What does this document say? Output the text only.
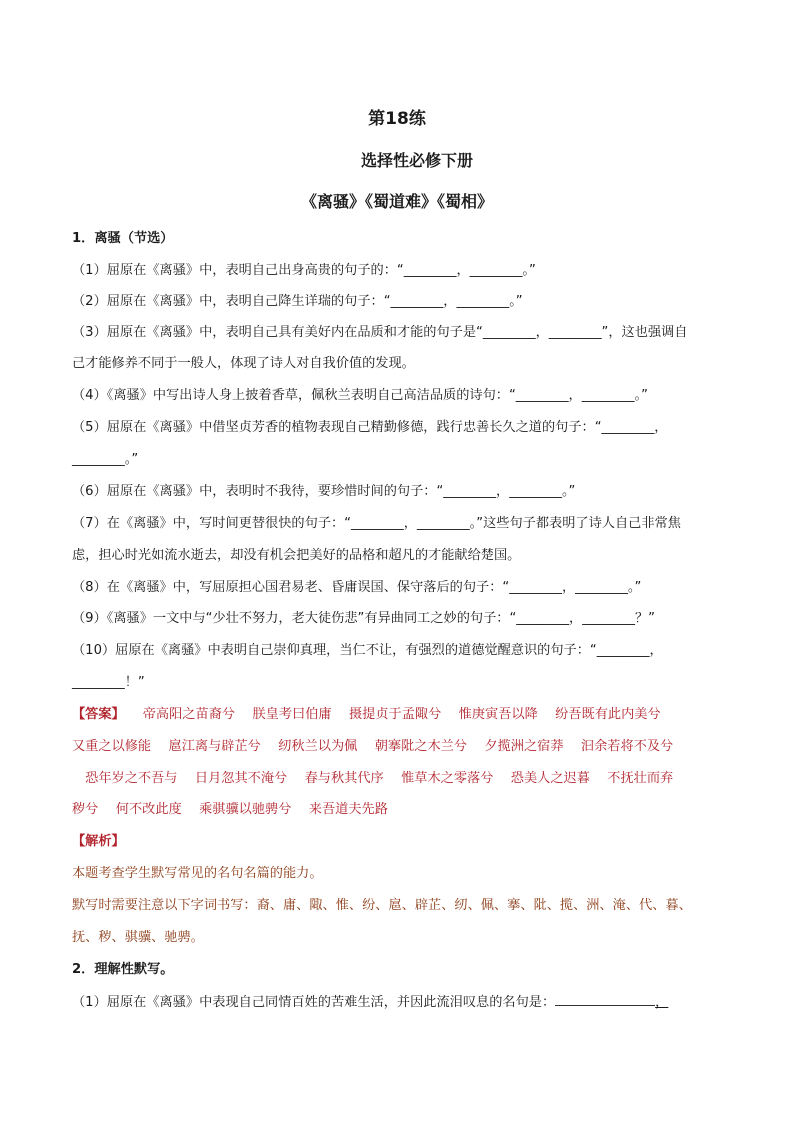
第18练
选择性必修下册
《离骚》《蜀道难》《蜀相》
1．离骚（节选）
（1）屈原在《离骚》中，表明自己出身高贵的句子的：“________，________。”
（2）屈原在《离骚》中，表明自己降生详瑞的句子：“________，________。”
（3）屈原在《离骚》中，表明自己具有美好内在品质和才能的句子是“________，________”，这也强调自
己才能修养不同于一般人，体现了诗人对自我价值的发现。
（4）《离骚》中写出诗人身上披着香草，佩秋兰表明自己高洁品质的诗句：“________，________。”
（5）屈原在《离骚》中借坚贞芳香的植物表现自己精勤修德，践行忠善长久之道的句子：“________，
________。”
（6）屈原在《离骚》中，表明时不我待，要珍惜时间的句子：“________，________。”
（7）在《离骚》中，写时间更替很快的句子：“________，________。”这些句子都表明了诗人自己非常焦
虑，担心时光如流水逝去，却没有机会把美好的品格和超凡的才能献给楚国。
（8）在《离骚》中，写屈原担心国君易老、昏庸误国、保守落后的句子：“________，________。”
（9）《离骚》一文中与“少壮不努力，老大徒伤悲”有异曲同工之妙的句子：“________，________？”
（10）屈原在《离骚》中表明自己崇仰真理，当仁不让，有强烈的道德觉醒意识的句子：“________，
________！”
【答案】 帝高阳之苗裔兮　 朕皇考曰伯庸　 摄提贞于孟陬兮　 惟庚寅吾以降　 纷吾既有此内美兮
又重之以修能　 扈江离与辟芷兮　 纫秋兰以为佩　 朝搴阰之木兰兮　 夕揽洲之宿莽　 汩余若将不及兮
　恐年岁之不吾与　 日月忽其不淹兮　 春与秋其代序　 惟草木之零落兮　 恐美人之迟暮　 不抚壮而弃
秽兮　 何不改此度　 乘骐骥以驰骋兮　 来吾道夫先路
【解析】
本题考查学生默写常见的名句名篇的能力。
默写时需要注意以下字词书写：裔、庸、陬、惟、纷、扈、辟芷、纫、佩、搴、阰、揽、洲、淹、代、暮、
抚、秽、骐骥、驰骋。
2．理解性默写。
（1）屈原在《离骚》中表现自己同情百姓的苦难生活，并因此流泪叹息的名句是：	，
